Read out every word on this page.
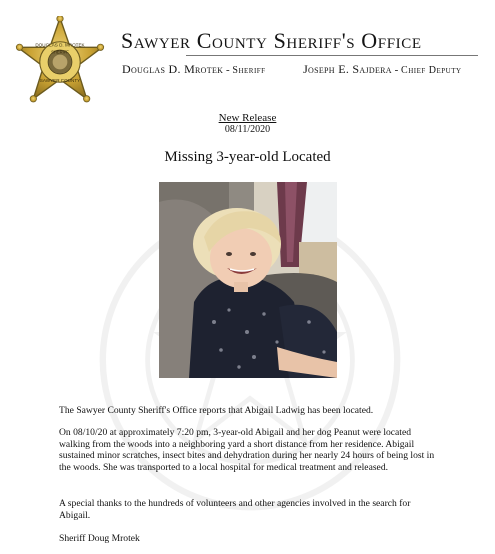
DOUGLAS D. MROTEK
SAWYER COUNTY
SHERIFF Sawyer County Sheriff's Office
Douglas D. Mrotek - Sheriff	Joseph E. Sajdera - Chief Deputy
New Release
08/11/2020
Missing 3-year-old Located
The Sawyer County Sheriff's Office reports that Abigail Ladwig has been located.
On 08/10/20 at approximately 7:20 pm, 3-year-old Abigail and her dog Peanut were located walking from the woods into a neighboring yard a short distance from her residence. Abigail sustained minor scratches, insect bites and dehydration during her nearly 24 hours of being lost in the woods. She was transported to a local hospital for medical treatment and released.
A special thanks to the hundreds of volunteers and other agencies involved in the search for Abigail.
Sheriff Doug Mrotek
